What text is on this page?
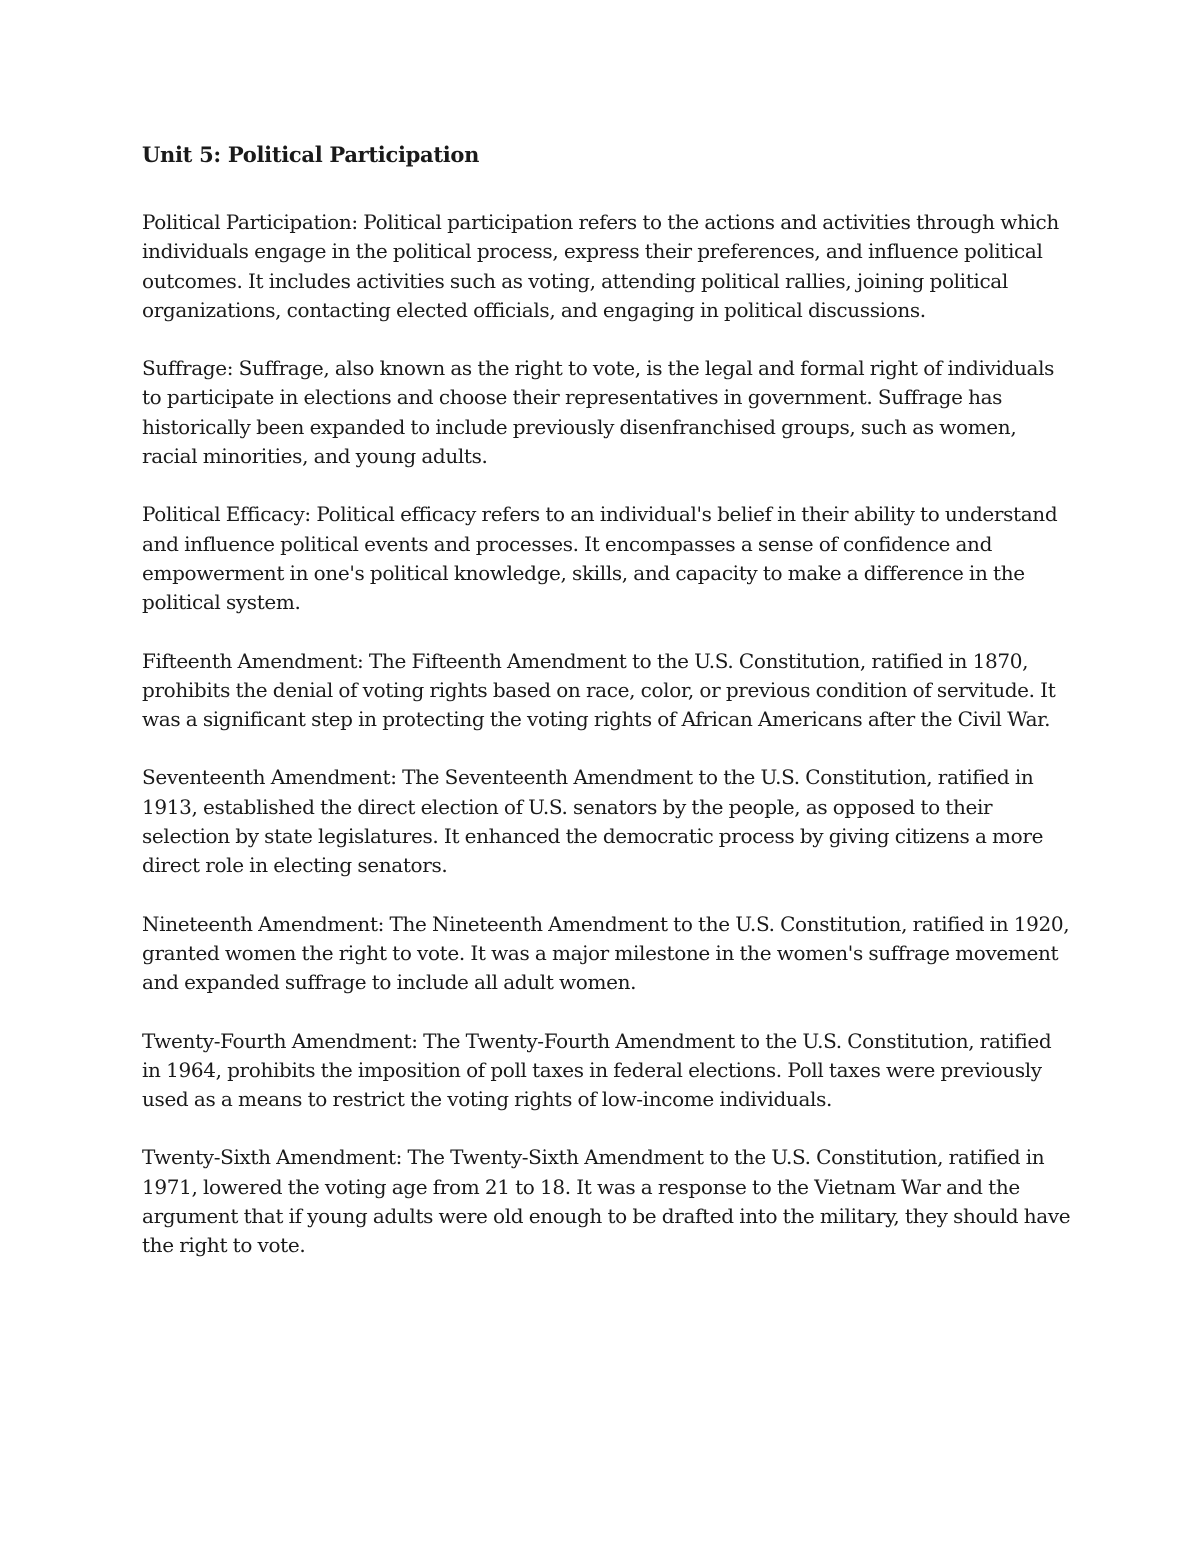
Unit 5: Political Participation

Political Participation: Political participation refers to the actions and activities through which individuals engage in the political process, express their preferences, and influence political outcomes. It includes activities such as voting, attending political rallies, joining political organizations, contacting elected officials, and engaging in political discussions.

Suffrage: Suffrage, also known as the right to vote, is the legal and formal right of individuals to participate in elections and choose their representatives in government. Suffrage has historically been expanded to include previously disenfranchised groups, such as women, racial minorities, and young adults.

Political Efficacy: Political efficacy refers to an individual's belief in their ability to understand and influence political events and processes. It encompasses a sense of confidence and empowerment in one's political knowledge, skills, and capacity to make a difference in the political system.

Fifteenth Amendment: The Fifteenth Amendment to the U.S. Constitution, ratified in 1870, prohibits the denial of voting rights based on race, color, or previous condition of servitude. It was a significant step in protecting the voting rights of African Americans after the Civil War.

Seventeenth Amendment: The Seventeenth Amendment to the U.S. Constitution, ratified in 1913, established the direct election of U.S. senators by the people, as opposed to their selection by state legislatures. It enhanced the democratic process by giving citizens a more direct role in electing senators.

Nineteenth Amendment: The Nineteenth Amendment to the U.S. Constitution, ratified in 1920, granted women the right to vote. It was a major milestone in the women's suffrage movement and expanded suffrage to include all adult women.

Twenty-Fourth Amendment: The Twenty-Fourth Amendment to the U.S. Constitution, ratified in 1964, prohibits the imposition of poll taxes in federal elections. Poll taxes were previously used as a means to restrict the voting rights of low-income individuals.

Twenty-Sixth Amendment: The Twenty-Sixth Amendment to the U.S. Constitution, ratified in 1971, lowered the voting age from 21 to 18. It was a response to the Vietnam War and the argument that if young adults were old enough to be drafted into the military, they should have the right to vote.
